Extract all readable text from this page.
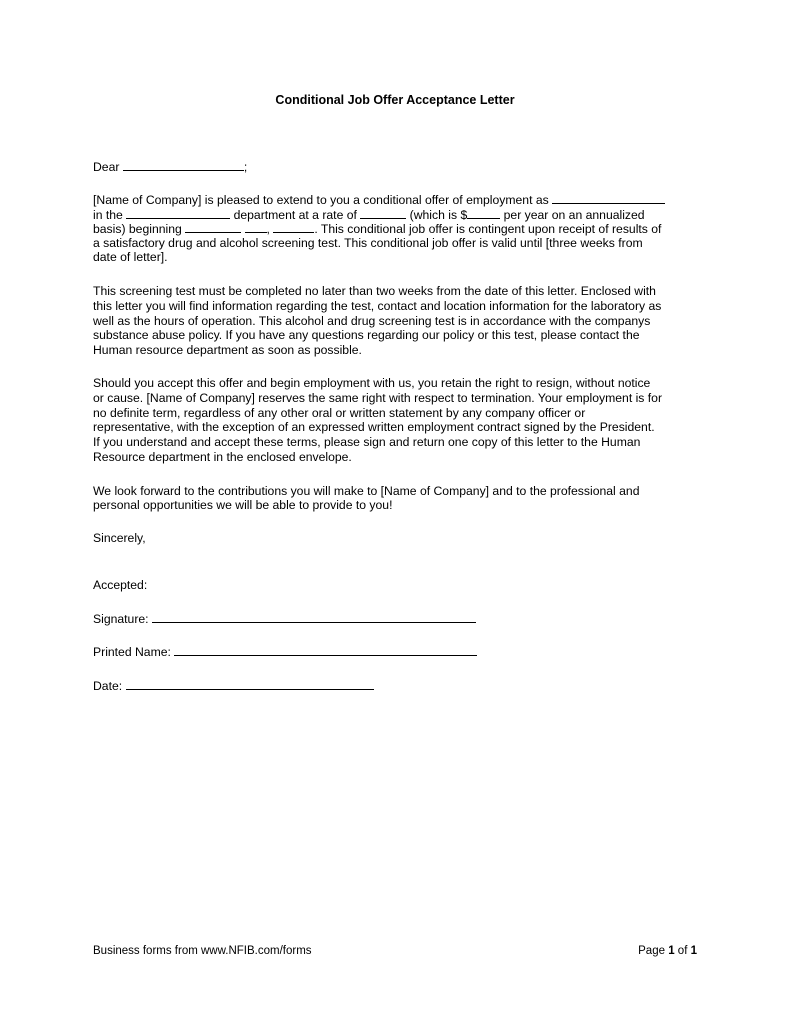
Conditional Job Offer Acceptance Letter
Dear	;
[Name of Company] is pleased to extend to you a conditional offer of employment as
in the	department at a rate of	(which is $	per year on an annualized
basis) beginning	,	. This conditional job offer is contingent upon receipt of results of
a satisfactory drug and alcohol screening test. This conditional job offer is valid until [three weeks from
date of letter].
This screening test must be completed no later than two weeks from the date of this letter. Enclosed with
this letter you will find information regarding the test, contact and location information for the laboratory as
well as the hours of operation. This alcohol and drug screening test is in accordance with the companys
substance abuse policy. If you have any questions regarding our policy or this test, please contact the
Human resource department as soon as possible.
Should you accept this offer and begin employment with us, you retain the right to resign, without notice
or cause. [Name of Company] reserves the same right with respect to termination. Your employment is for
no definite term, regardless of any other oral or written statement by any company officer or
representative, with the exception of an expressed written employment contract signed by the President.
If you understand and accept these terms, please sign and return one copy of this letter to the Human
Resource department in the enclosed envelope.
We look forward to the contributions you will make to [Name of Company] and to the professional and
personal opportunities we will be able to provide to you!
Sincerely,
Accepted:
Signature:
Printed Name:
Date:
Business forms from www.NFIB.com/forms	Page 1 of 1
